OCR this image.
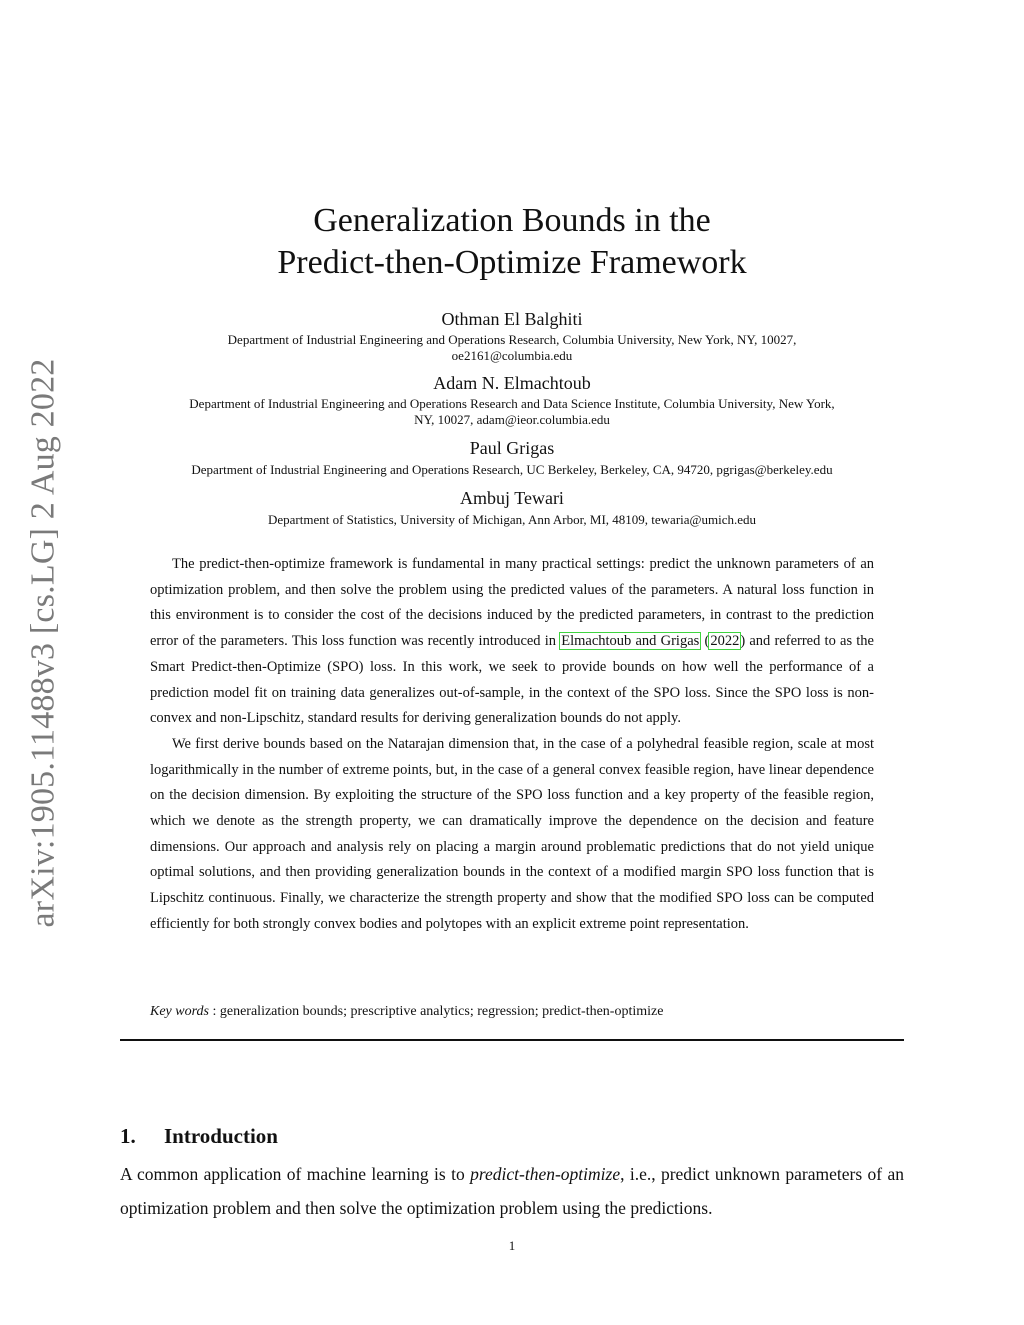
arXiv:1905.11488v3 [cs.LG] 2 Aug 2022
Generalization Bounds in the
Predict-then-Optimize Framework
Othman El Balghiti
Department of Industrial Engineering and Operations Research, Columbia University, New York, NY, 10027,
oe2161@columbia.edu
Adam N. Elmachtoub
Department of Industrial Engineering and Operations Research and Data Science Institute, Columbia University, New York,
NY, 10027, adam@ieor.columbia.edu
Paul Grigas
Department of Industrial Engineering and Operations Research, UC Berkeley, Berkeley, CA, 94720, pgrigas@berkeley.edu
Ambuj Tewari
Department of Statistics, University of Michigan, Ann Arbor, MI, 48109, tewaria@umich.edu

The predict-then-optimize framework is fundamental in many practical settings: predict the unknown parameters of an optimization problem, and then solve the problem using the predicted values of the parameters. A natural loss function in this environment is to consider the cost of the decisions induced by the predicted parameters, in contrast to the prediction error of the parameters. This loss function was recently introduced in Elmachtoub and Grigas (2022) and referred to as the Smart Predict-then-Optimize (SPO) loss. In this work, we seek to provide bounds on how well the performance of a prediction model fit on training data generalizes out-of-sample, in the context of the SPO loss. Since the SPO loss is non-convex and non-Lipschitz, standard results for deriving generalization bounds do not apply.

We first derive bounds based on the Natarajan dimension that, in the case of a polyhedral feasible region, scale at most logarithmically in the number of extreme points, but, in the case of a general convex feasible region, have linear dependence on the decision dimension. By exploiting the structure of the SPO loss function and a key property of the feasible region, which we denote as the strength property, we can dramatically improve the dependence on the decision and feature dimensions. Our approach and analysis rely on placing a margin around problematic predictions that do not yield unique optimal solutions, and then providing generalization bounds in the context of a modified margin SPO loss function that is Lipschitz continuous. Finally, we characterize the strength property and show that the modified SPO loss can be computed efficiently for both strongly convex bodies and polytopes with an explicit extreme point representation.

Key words : generalization bounds; prescriptive analytics; regression; predict-then-optimize
1. Introduction
A common application of machine learning is to predict-then-optimize, i.e., predict unknown parameters of an optimization problem and then solve the optimization problem using the predictions.
1
